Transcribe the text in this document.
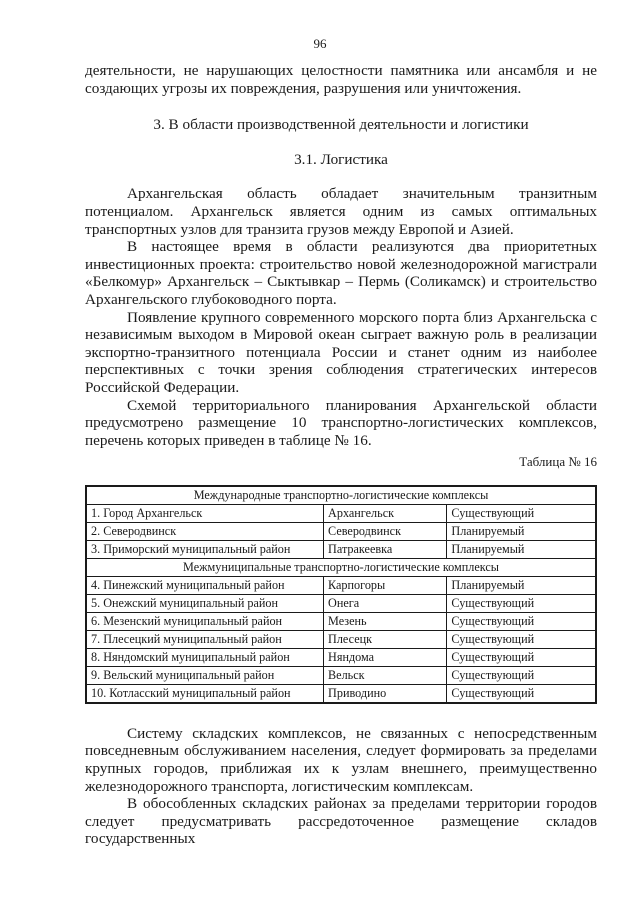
96

деятельности, не нарушающих целостности памятника или ансамбля и не создающих угрозы их повреждения, разрушения или уничтожения.

3. В области производственной деятельности и логистики

3.1. Логистика

Архангельская область обладает значительным транзитным потенциалом. Архангельск является одним из самых оптимальных транспортных узлов для транзита грузов между Европой и Азией.

В настоящее время в области реализуются два приоритетных инвестиционных проекта: строительство новой железнодорожной магистрали «Белкомур» Архангельск – Сыктывкар – Пермь (Соликамск) и строительство Архангельского глубоководного порта.

Появление крупного современного морского порта близ Архангельска с независимым выходом в Мировой океан сыграет важную роль в реализации экспортно-транзитного потенциала России и станет одним из наиболее перспективных с точки зрения соблюдения стратегических интересов Российской Федерации.

Схемой территориального планирования Архангельской области предусмотрено размещение 10 транспортно-логистических комплексов, перечень которых приведен в таблице № 16.

Таблица № 16
Международные транспортно-логистические комплексы		
1. Город Архангельск	Архангельск	Существующий
2. Северодвинск	Северодвинск	Планируемый
3. Приморский муниципальный район	Патракеевка	Планируемый
Межмуниципальные транспортно-логистические комплексы		
4. Пинежский муниципальный район	Карпогоры	Планируемый
5. Онежский муниципальный район	Онега	Существующий
6. Мезенский муниципальный район	Мезень	Существующий
7. Плесецкий муниципальный район	Плесецк	Существующий
8. Няндомский муниципальный район	Няндома	Существующий
9. Вельский муниципальный район	Вельск	Существующий
10. Котласский муниципальный район	Приводино	Существующий

Систему складских комплексов, не связанных с непосредственным повседневным обслуживанием населения, следует формировать за пределами крупных городов, приближая их к узлам внешнего, преимущественно железнодорожного транспорта, логистическим комплексам.

В обособленных складских районах за пределами территории городов следует предусматривать рассредоточенное размещение складов государственных
